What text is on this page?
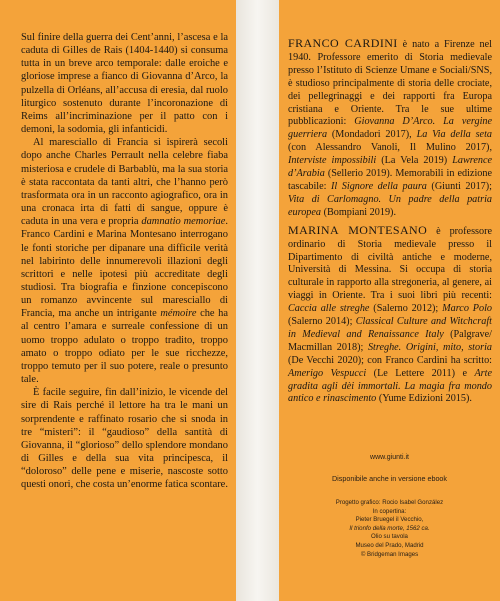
Sul finire della guerra dei Cent’anni, l’ascesa e la caduta di Gilles de Rais (1404-1440) si consuma tutta in un breve arco temporale: dalle eroiche e gloriose imprese a fianco di Giovanna d’Arco, la pulzella di Orléans, all’accusa di eresia, dal ruolo liturgico sostenuto durante l’incoronazione di Reims all’incriminazione per il patto con i demoni, la sodomia, gli infanticidi.
Al maresciallo di Francia si ispirerà secoli dopo anche Charles Perrault nella celebre fiaba misteriosa e crudele di Barbablù, ma la sua storia è stata raccontata da tanti altri, che l’hanno però trasformata ora in un racconto agiografico, ora in una cronaca irta di fatti di sangue, oppure è caduta in una vera e propria damnatio memoriae. Franco Cardini e Marina Montesano interrogano le fonti storiche per dipanare una difficile verità nel labirinto delle innumerevoli illazioni degli scrittori e nelle ipotesi più accreditate degli studiosi. Tra biografia e finzione concepiscono un romanzo avvincente sul maresciallo di Francia, ma anche un intrigante mémoire che ha al centro l’amara e surreale confessione di un uomo troppo adulato o troppo tradito, troppo amato o troppo odiato per le sue ricchezze, troppo temuto per il suo potere, reale o presunto tale.
È facile seguire, fin dall’inizio, le vicende del sire di Rais perché il lettore ha tra le mani un sorprendente e raffinato rosario che si snoda in tre “misteri”: il “gaudioso” della santità di Giovanna, il “glorioso” dello splendore mondano di Gilles e della sua vita principesca, il “doloroso” delle pene e miserie, nascoste sotto questi onori, che costa un’enorme fatica scontare.

FRANCO CARDINI è nato a Firenze nel 1940. Professore emerito di Storia medievale presso l’Istituto di Scienze Umane e Sociali/SNS, è studioso principalmente di storia delle crociate, dei pellegrinaggi e dei rapporti fra Europa cristiana e Oriente. Tra le sue ultime pubblicazioni: Giovanna D’Arco. La vergine guerriera (Mondadori 2017), La Via della seta (con Alessandro Vanoli, Il Mulino 2017), Interviste impossibili (La Vela 2019) Lawrence d’Arabia (Sellerio 2019). Memorabili in edizione tascabile: Il Signore della paura (Giunti 2017); Vita di Carlomagno. Un padre della patria europea (Bompiani 2019).

MARINA MONTESANO è professore ordinario di Storia medievale presso il Dipartimento di civiltà antiche e moderne, Università di Messina. Si occupa di storia culturale in rapporto alla stregoneria, al genere, ai viaggi in Oriente. Tra i suoi libri più recenti: Caccia alle streghe (Salerno 2012); Marco Polo (Salerno 2014); Classical Culture and Witchcraft in Medieval and Renaissance Italy (Palgrave/ Macmillan 2018); Streghe. Origini, mito, storia (De Vecchi 2020); con Franco Cardini ha scritto: Amerigo Vespucci (Le Lettere 2011) e Arte gradita agli dèi immortali. La magia fra mondo antico e rinascimento (Yume Edizioni 2015).

www.giunti.it
Disponibile anche in versione ebook
Progetto grafico: Rocio Isabel González
In copertina:
Pieter Bruegel il Vecchio,
Il trionfo della morte, 1562 ca.
Olio su tavola
Museo del Prado, Madrid
© Bridgeman Images
